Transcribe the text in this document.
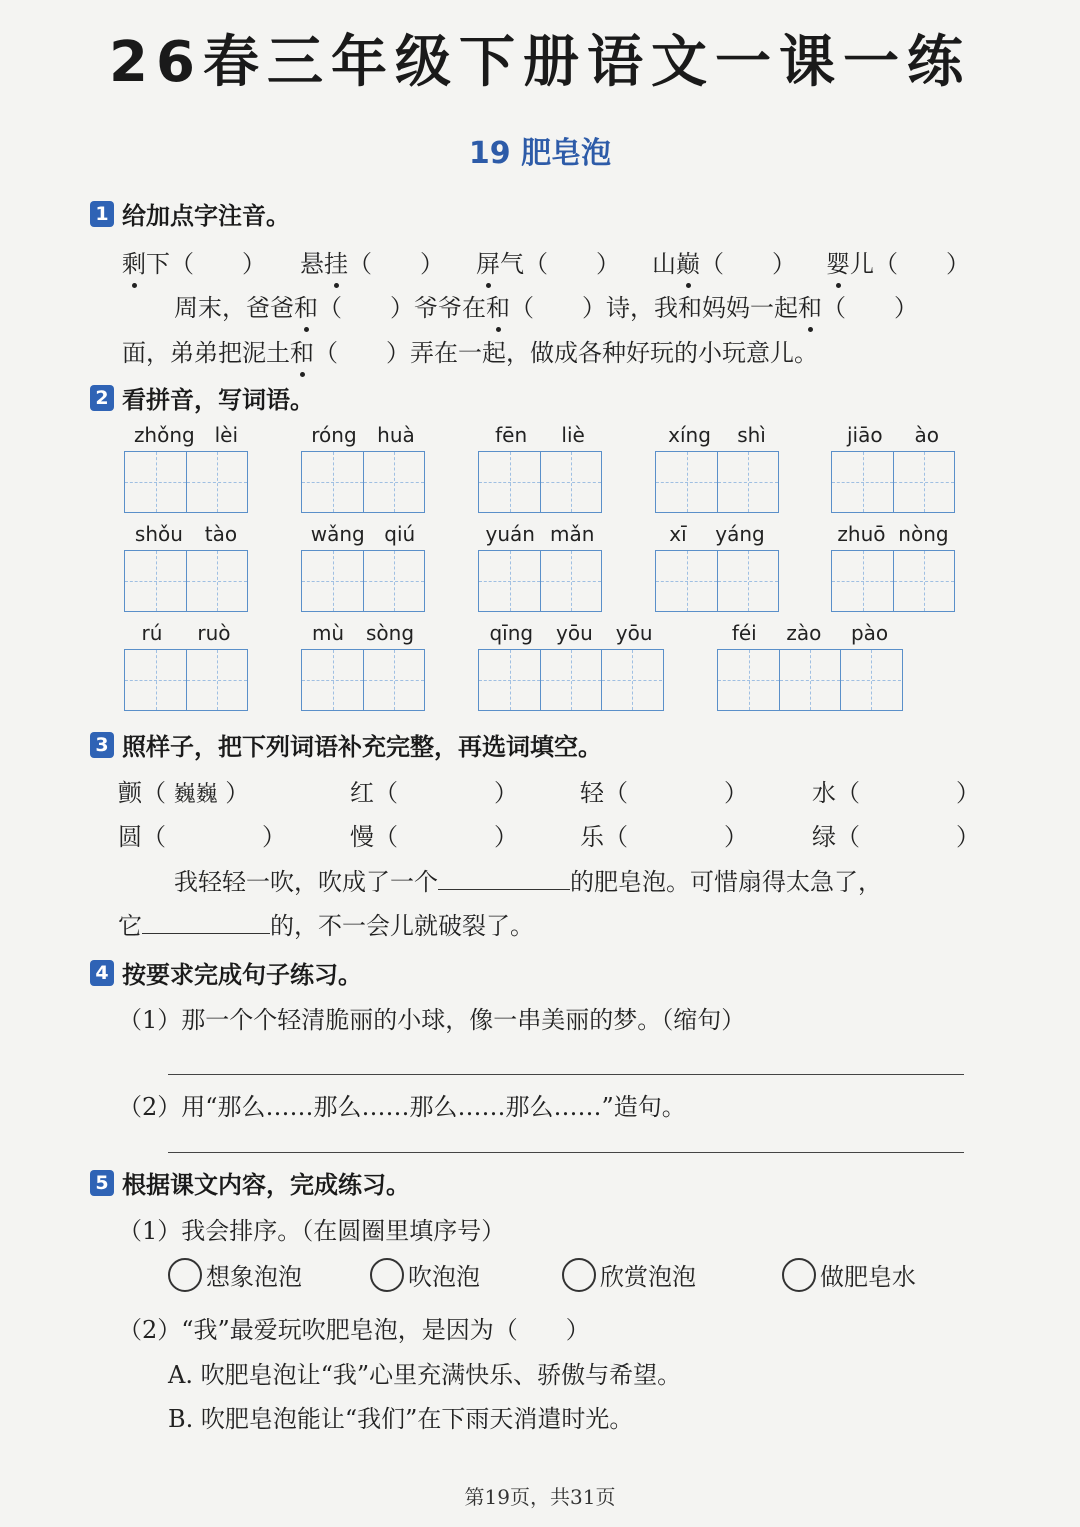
26春三年级下册语文一课一练
19 肥皂泡
1 给加点字注音。
剩下（　　） 悬挂（　　） 屏气（　　） 山巅（　　） 婴儿（　　）
周末，爸爸和（　　）爷爷在和（　　）诗，我和妈妈一起和（　　）
面，弟弟把泥土和（　　）弄在一起，做成各种好玩的小玩意儿。
2 看拼音，写词语。
zhǒng lèi	róng huà	fēn liè	xíng shì	jiāo ào
shǒu tào	wǎng qiú	yuán mǎn	xī yáng	zhuō nòng
rú ruò	mù sòng	qīng yōu yōu	féi zào pào
3 照样子，把下列词语补充完整，再选词填空。
颤（ 巍巍 ）	红（　　　　）	轻（　　　　）	水（　　　　）
圆（　　　　）	慢（　　　　）	乐（　　　　）	绿（　　　　）
我轻轻一吹，吹成了一个	的肥皂泡。可惜扇得太急了，
它	的，不一会儿就破裂了。
4 按要求完成句子练习。
（1）那一个个轻清脆丽的小球，像一串美丽的梦。（缩句）
（2）用“那么……那么……那么……那么……”造句。
5 根据课文内容，完成练习。
（1）我会排序。（在圆圈里填序号）
想象泡泡	吹泡泡	欣赏泡泡	做肥皂水
（2）“我”最爱玩吹肥皂泡，是因为（　　）
A. 吹肥皂泡让“我”心里充满快乐、骄傲与希望。
B. 吹肥皂泡能让“我们”在下雨天消遣时光。
第19页，共31页
